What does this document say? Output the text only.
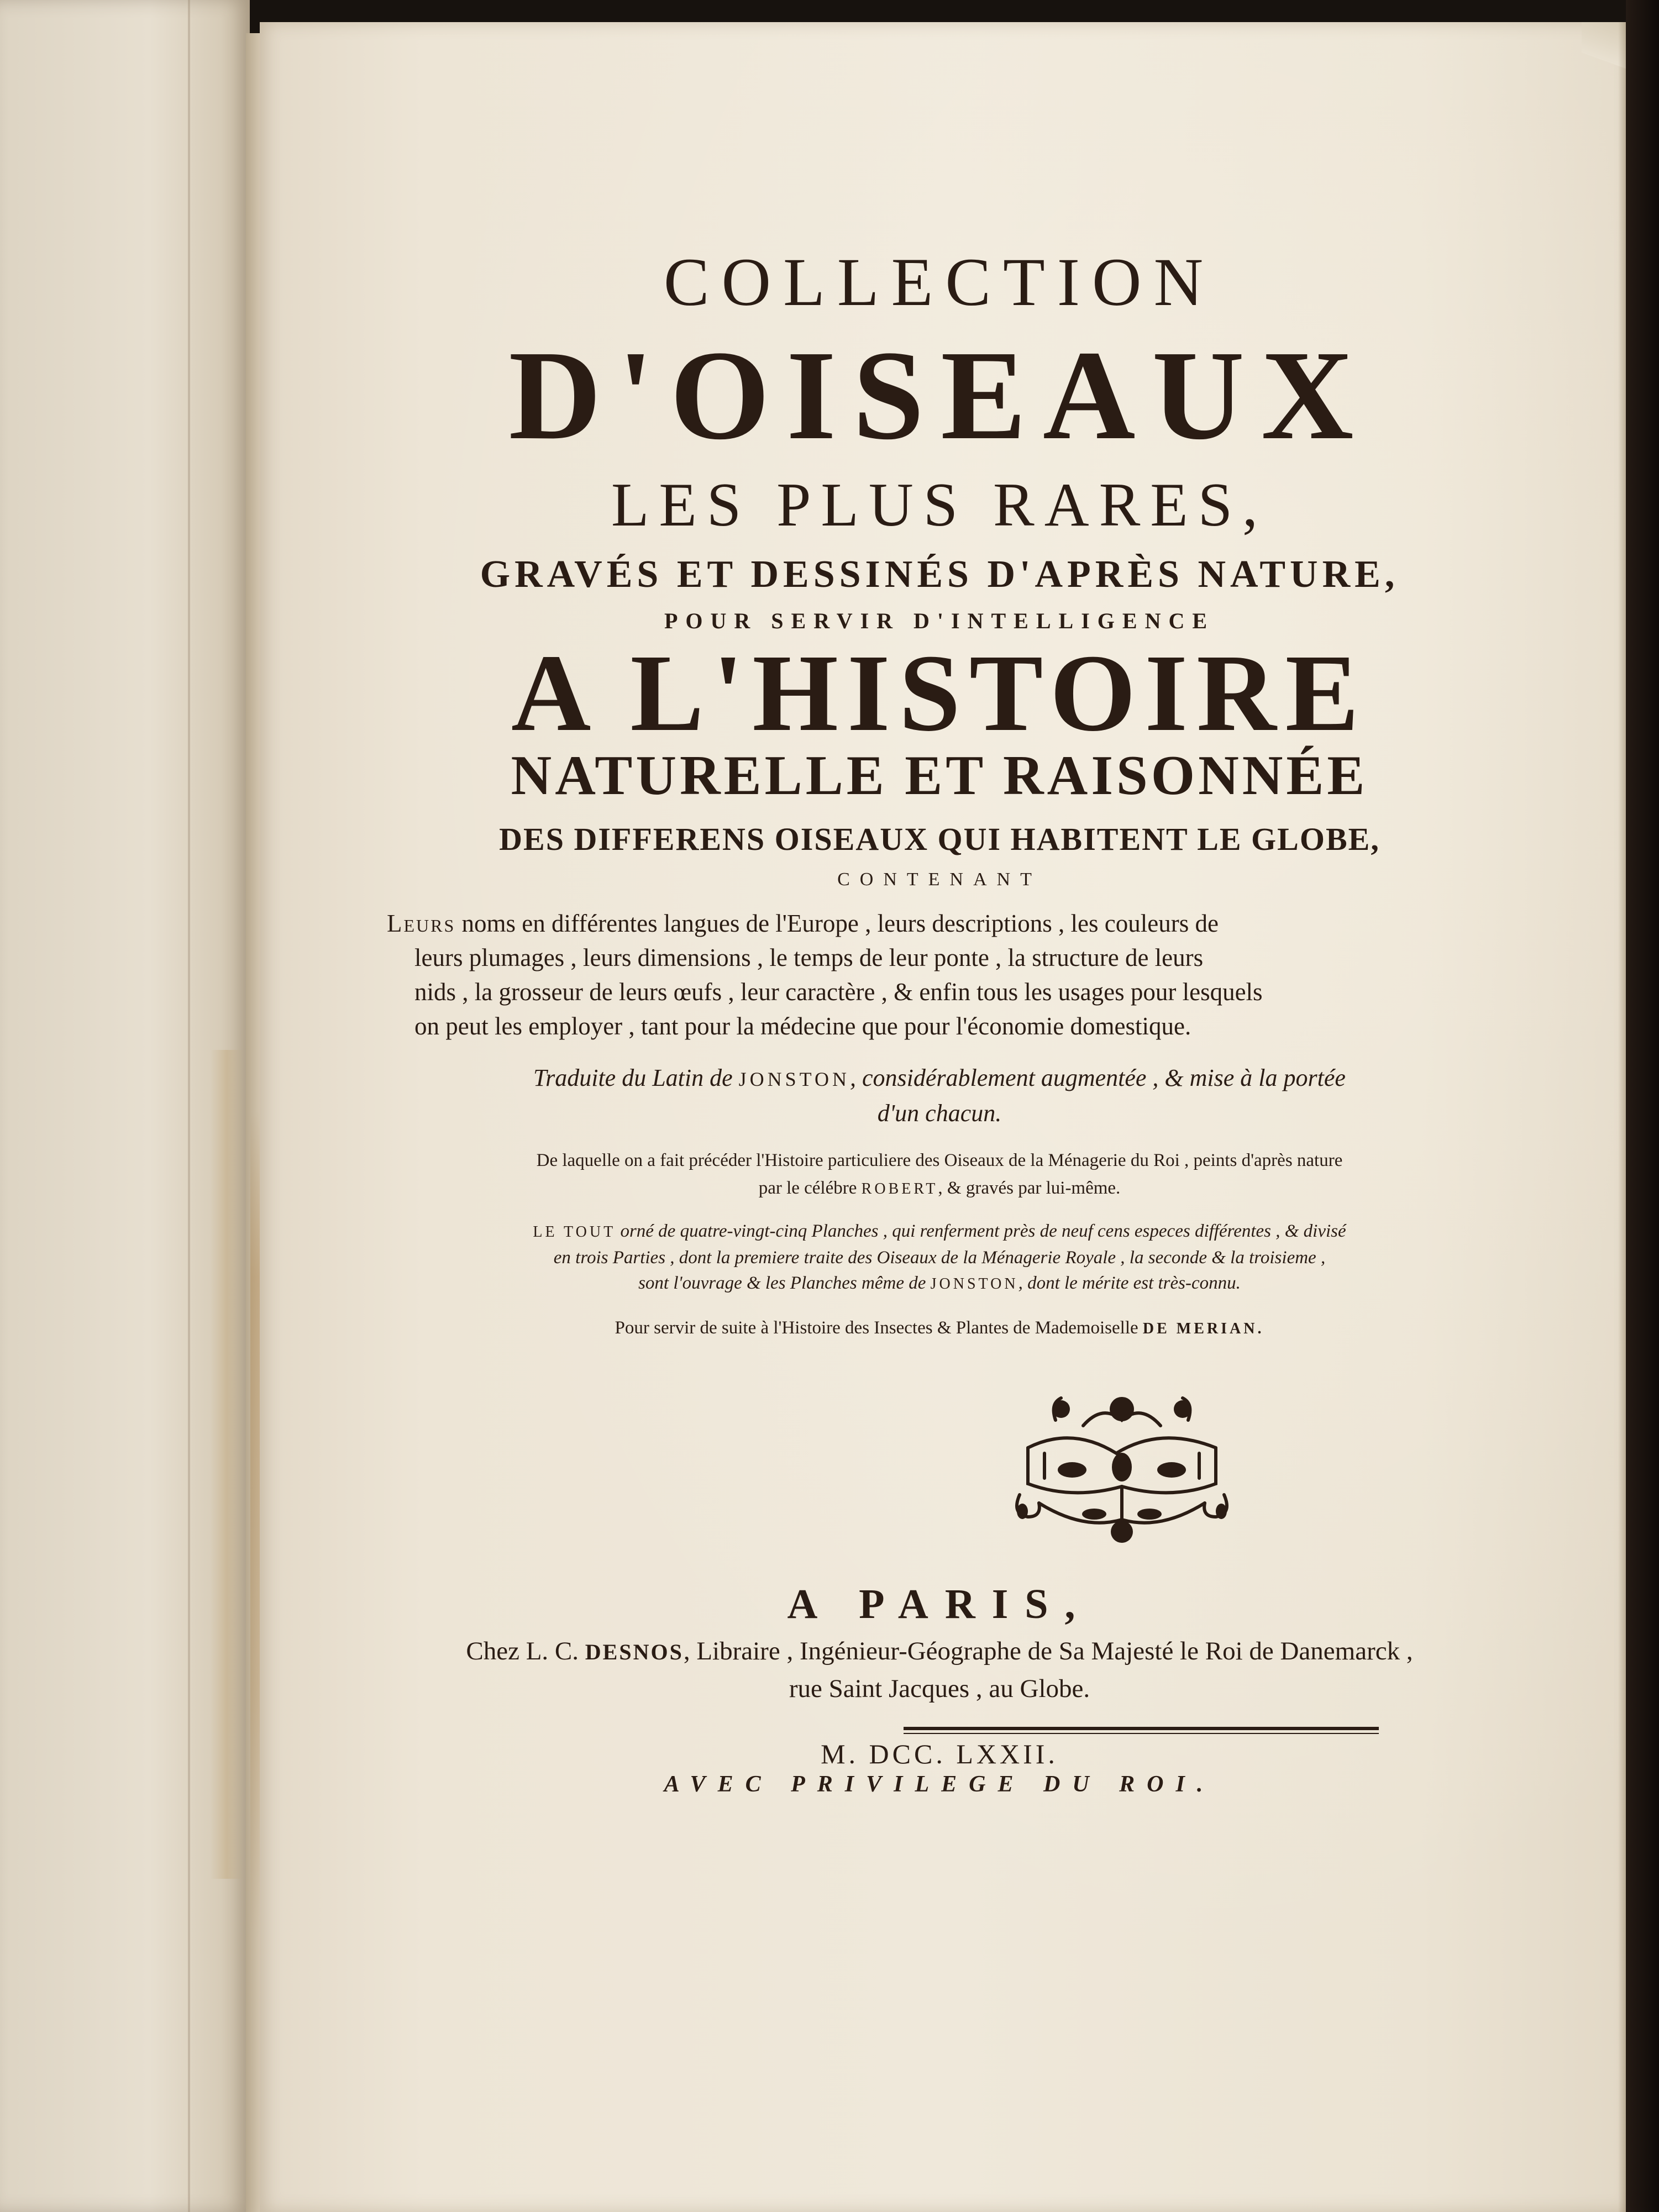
COLLECTION
D'OISEAUX
LES PLUS RARES,
GRAVÉS ET DESSINÉS D'APRÈS NATURE,
POUR SERVIR D'INTELLIGENCE
A L'HISTOIRE
NATURELLE ET RAISONNÉE
DES DIFFERENS OISEAUX QUI HABITENT LE GLOBE,
CONTENANT
Leurs noms en différentes langues de l'Europe , leurs descriptions , les couleurs de
leurs plumages , leurs dimensions , le temps de leur ponte , la structure de leurs
nids , la grosseur de leurs œufs , leur caractère , & enfin tous les usages pour lesquels
on peut les employer , tant pour la médecine que pour l'économie domestique.
Traduite du Latin de JONSTON, considérablement augmentée , & mise à la portée
d'un chacun.
De laquelle on a fait précéder l'Histoire particuliere des Oiseaux de la Ménagerie du Roi , peints d'après nature
par le célébre ROBERT, & gravés par lui-même.
LE TOUT orné de quatre-vingt-cinq Planches , qui renferment près de neuf cens especes différentes , & divisé
en trois Parties , dont la premiere traite des Oiseaux de la Ménagerie Royale , la seconde & la troisieme ,
sont l'ouvrage & les Planches même de JONSTON, dont le mérite est très-connu.
Pour servir de suite à l'Histoire des Insectes & Plantes de Mademoiselle DE MERIAN.
A PARIS,
Chez L. C. DESNOS, Libraire , Ingénieur-Géographe de Sa Majesté le Roi de Danemarck ,
rue Saint Jacques , au Globe.
M. DCC. LXXII.
AVEC PRIVILEGE DU ROI.
